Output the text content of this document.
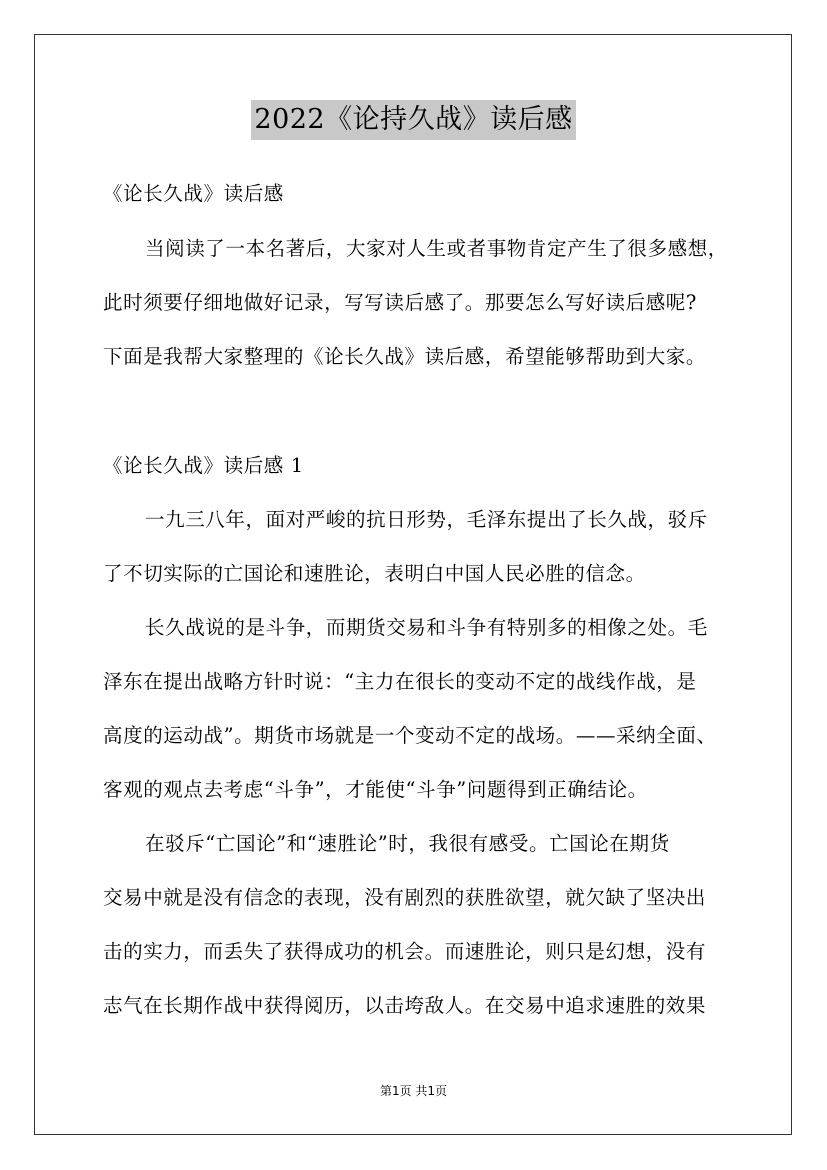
2022《论持久战》读后感
《论长久战》读后感
当阅读了一本名著后，大家对人生或者事物肯定产生了很多感想，
此时须要仔细地做好记录，写写读后感了。那要怎么写好读后感呢?
下面是我帮大家整理的《论长久战》读后感，希望能够帮助到大家。
《论长久战》读后感 1
一九三八年，面对严峻的抗日形势，毛泽东提出了长久战，驳斥
了不切实际的亡国论和速胜论，表明白中国人民必胜的信念。
长久战说的是斗争，而期货交易和斗争有特别多的相像之处。毛
泽东在提出战略方针时说：“主力在很长的变动不定的战线作战，是
高度的运动战”。期货市场就是一个变动不定的战场。——采纳全面、
客观的观点去考虑“斗争”，才能使“斗争”问题得到正确结论。
在驳斥“亡国论”和“速胜论”时，我很有感受。亡国论在期货
交易中就是没有信念的表现，没有剧烈的获胜欲望，就欠缺了坚决出
击的实力，而丢失了获得成功的机会。而速胜论，则只是幻想，没有
志气在长期作战中获得阅历，以击垮敌人。在交易中追求速胜的效果
第1页 共1页
